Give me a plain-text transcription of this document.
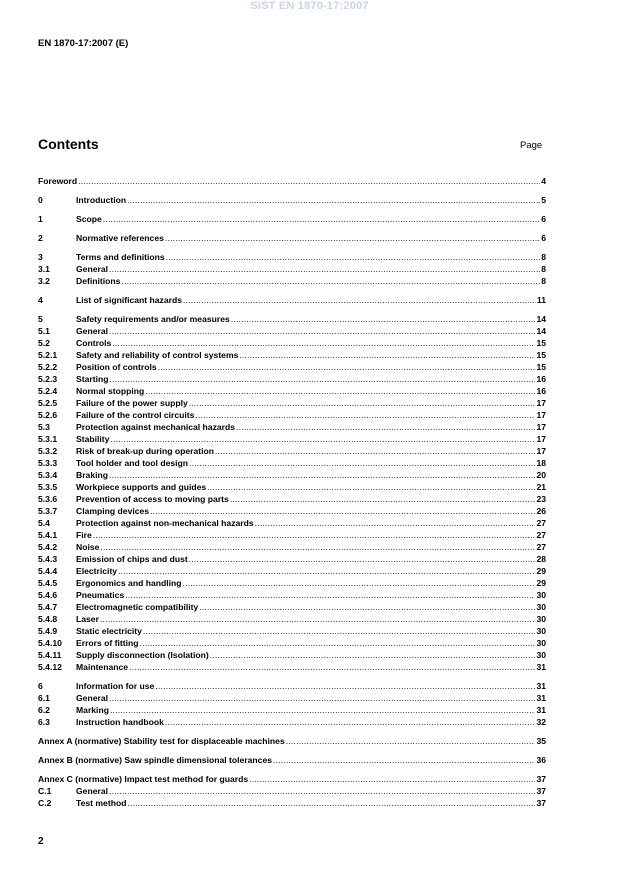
SIST EN 1870-17:2007
EN 1870-17:2007 (E)
Contents	Page
Foreword .....	4
0	Introduction .....	5
1	Scope .....	6
2	Normative references .....	6
3	Terms and definitions .....	8
3.1	General .....	8
3.2	Definitions .....	8
4	List of significant hazards .....	11
5	Safety requirements and/or measures .....	14
5.1	General .....	14
5.2	Controls .....	15
5.2.1	Safety and reliability of control systems .....	15
5.2.2	Position of controls .....	15
5.2.3	Starting .....	16
5.2.4	Normal stopping .....	16
5.2.5	Failure of the power supply .....	17
5.2.6	Failure of the control circuits .....	17
5.3	Protection against mechanical hazards .....	17
5.3.1	Stability .....	17
5.3.2	Risk of break-up during operation .....	17
5.3.3	Tool holder and tool design .....	18
5.3.4	Braking .....	20
5.3.5	Workpiece supports and guides .....	21
5.3.6	Prevention of access to moving parts .....	23
5.3.7	Clamping devices .....	26
5.4	Protection against non-mechanical hazards .....	27
5.4.1	Fire .....	27
5.4.2	Noise .....	27
5.4.3	Emission of chips and dust .....	28
5.4.4	Electricity .....	29
5.4.5	Ergonomics and handling .....	29
5.4.6	Pneumatics .....	30
5.4.7	Electromagnetic compatibility .....	30
5.4.8	Laser .....	30
5.4.9	Static electricity .....	30
5.4.10	Errors of fitting .....	30
5.4.11	Supply disconnection (Isolation) .....	30
5.4.12	Maintenance .....	31
6	Information for use .....	31
6.1	General .....	31
6.2	Marking .....	31
6.3	Instruction handbook .....	32
Annex A (normative) Stability test for displaceable machines .....	35
Annex B (normative) Saw spindle dimensional tolerances .....	36
Annex C (normative) Impact test method for guards .....	37
C.1	General .....	37
C.2	Test method .....	37
2
